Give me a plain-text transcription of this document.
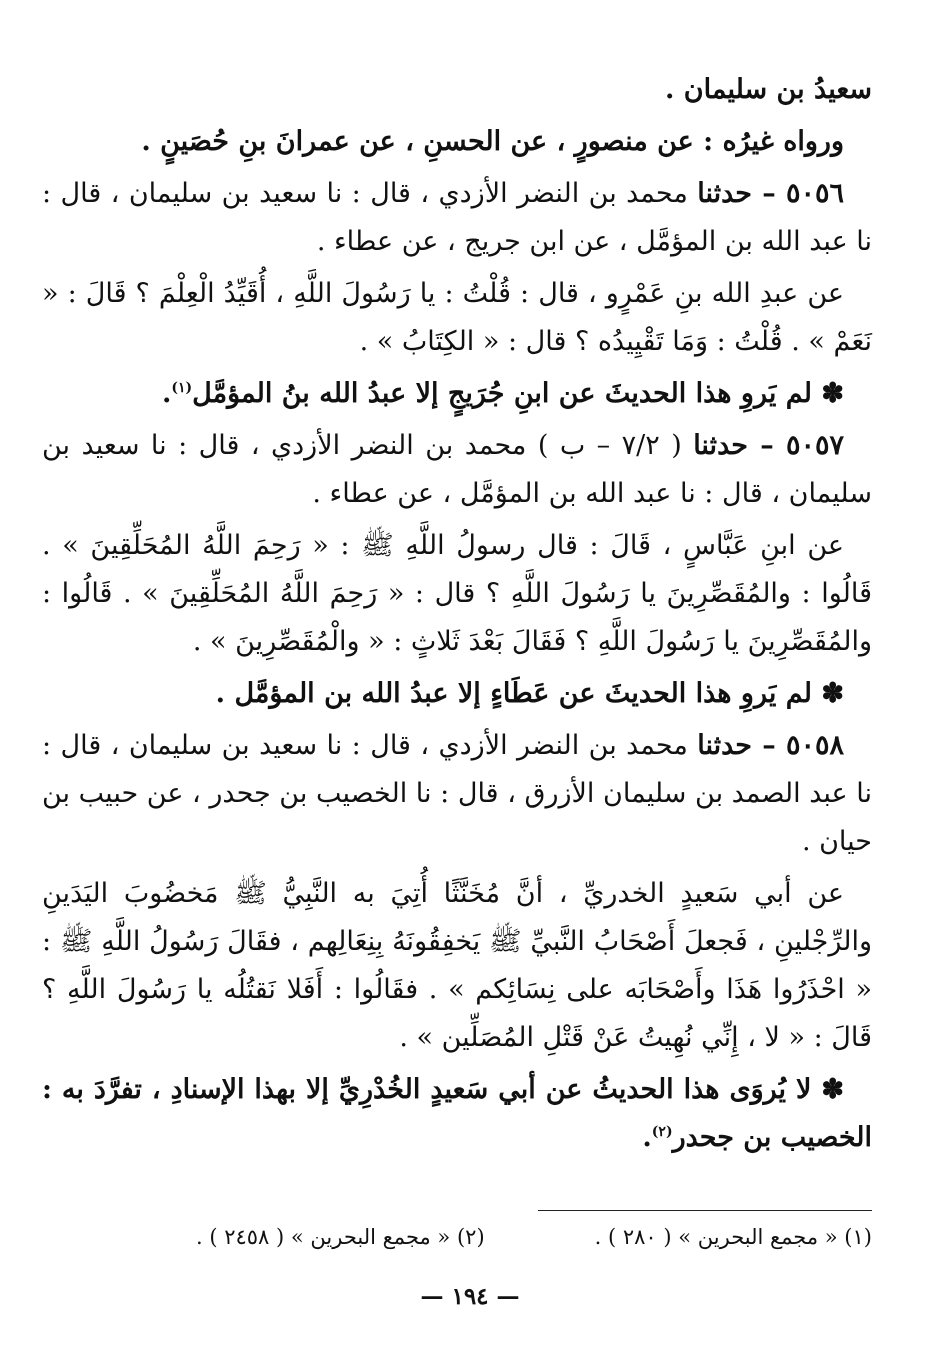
سعيدُ بن سليمان .

ورواه غيرُه : عن منصورٍ ، عن الحسنِ ، عن عمرانَ بنِ حُصَينٍ .

٥٠٥٦ – حدثنا محمد بن النضر الأزدي ، قال : نا سعيد بن سليمان ، قال : نا عبد الله بن المؤمَّل ، عن ابن جريج ، عن عطاء .

عن عبدِ الله بنِ عَمْرٍو ، قال : قُلْتُ : يا رَسُولَ اللَّهِ ، أُقَيِّدُ الْعِلْمَ ؟ قَالَ : « نَعَمْ » . قُلْتُ : وَمَا تَقْيِيدُه ؟ قال : « الكِتَابُ » .

✽ لم يَروِ هذا الحديثَ عن ابنِ جُرَيجٍ إلا عبدُ الله بنُ المؤمَّل$^{(١)}$.

٥٠٥٧ – حدثنا ( ٧/٢ – ب ) محمد بن النضر الأزدي ، قال : نا سعيد بن سليمان ، قال : نا عبد الله بن المؤمَّل ، عن عطاء .

عن ابنِ عَبَّاسٍ ، قَالَ : قال رسولُ اللَّهِ ﷺ : « رَحِمَ اللَّهُ المُحَلِّقِينَ » . قَالُوا : والمُقَصِّرِينَ يا رَسُولَ اللَّهِ ؟ قال : « رَحِمَ اللَّهُ المُحَلِّقِينَ » . قَالُوا : والمُقَصِّرِينَ يا رَسُولَ اللَّهِ ؟ فَقَالَ بَعْدَ ثَلاثٍ : « والْمُقَصِّرِينَ » .

✽ لم يَروِ هذا الحديثَ عن عَطَاءٍ إلا عبدُ الله بن المؤمَّل .

٥٠٥٨ – حدثنا محمد بن النضر الأزدي ، قال : نا سعيد بن سليمان ، قال : نا عبد الصمد بن سليمان الأزرق ، قال : نا الخصيب بن جحدر ، عن حبيب بن حيان .

عن أبي سَعيدٍ الخدريِّ ، أنَّ مُخَنَّثًا أُتِيَ به النَّبِيُّ ﷺ مَخضُوبَ اليَدَينِ والرِّجْلينِ ، فَجعلَ أَصْحَابُ النَّبيِّ ﷺ يَخفِقُونَهُ بِنِعَالِهم ، فقَالَ رَسُولُ اللَّهِ ﷺ : « احْذَرُوا هَذَا وأَصْحَابَه على نِسَائِكم » . فقَالُوا : أَفَلا نَقتُلُه يا رَسُولَ اللَّهِ ؟ قَالَ : « لا ، إِنِّي نُهِيتُ عَنْ قَتْلِ المُصَلِّين » .

✽ لا يُروَى هذا الحديثُ عن أبي سَعيدٍ الخُدْرِيِّ إلا بهذا الإسنادِ ، تفرَّدَ به : الخصيب بن جحدر$^{(٢)}$.

(١) « مجمع البحرين » ( ٢٨٠ ) .
(٢) « مجمع البحرين » ( ٢٤٥٨ ) .
— ١٩٤ —
